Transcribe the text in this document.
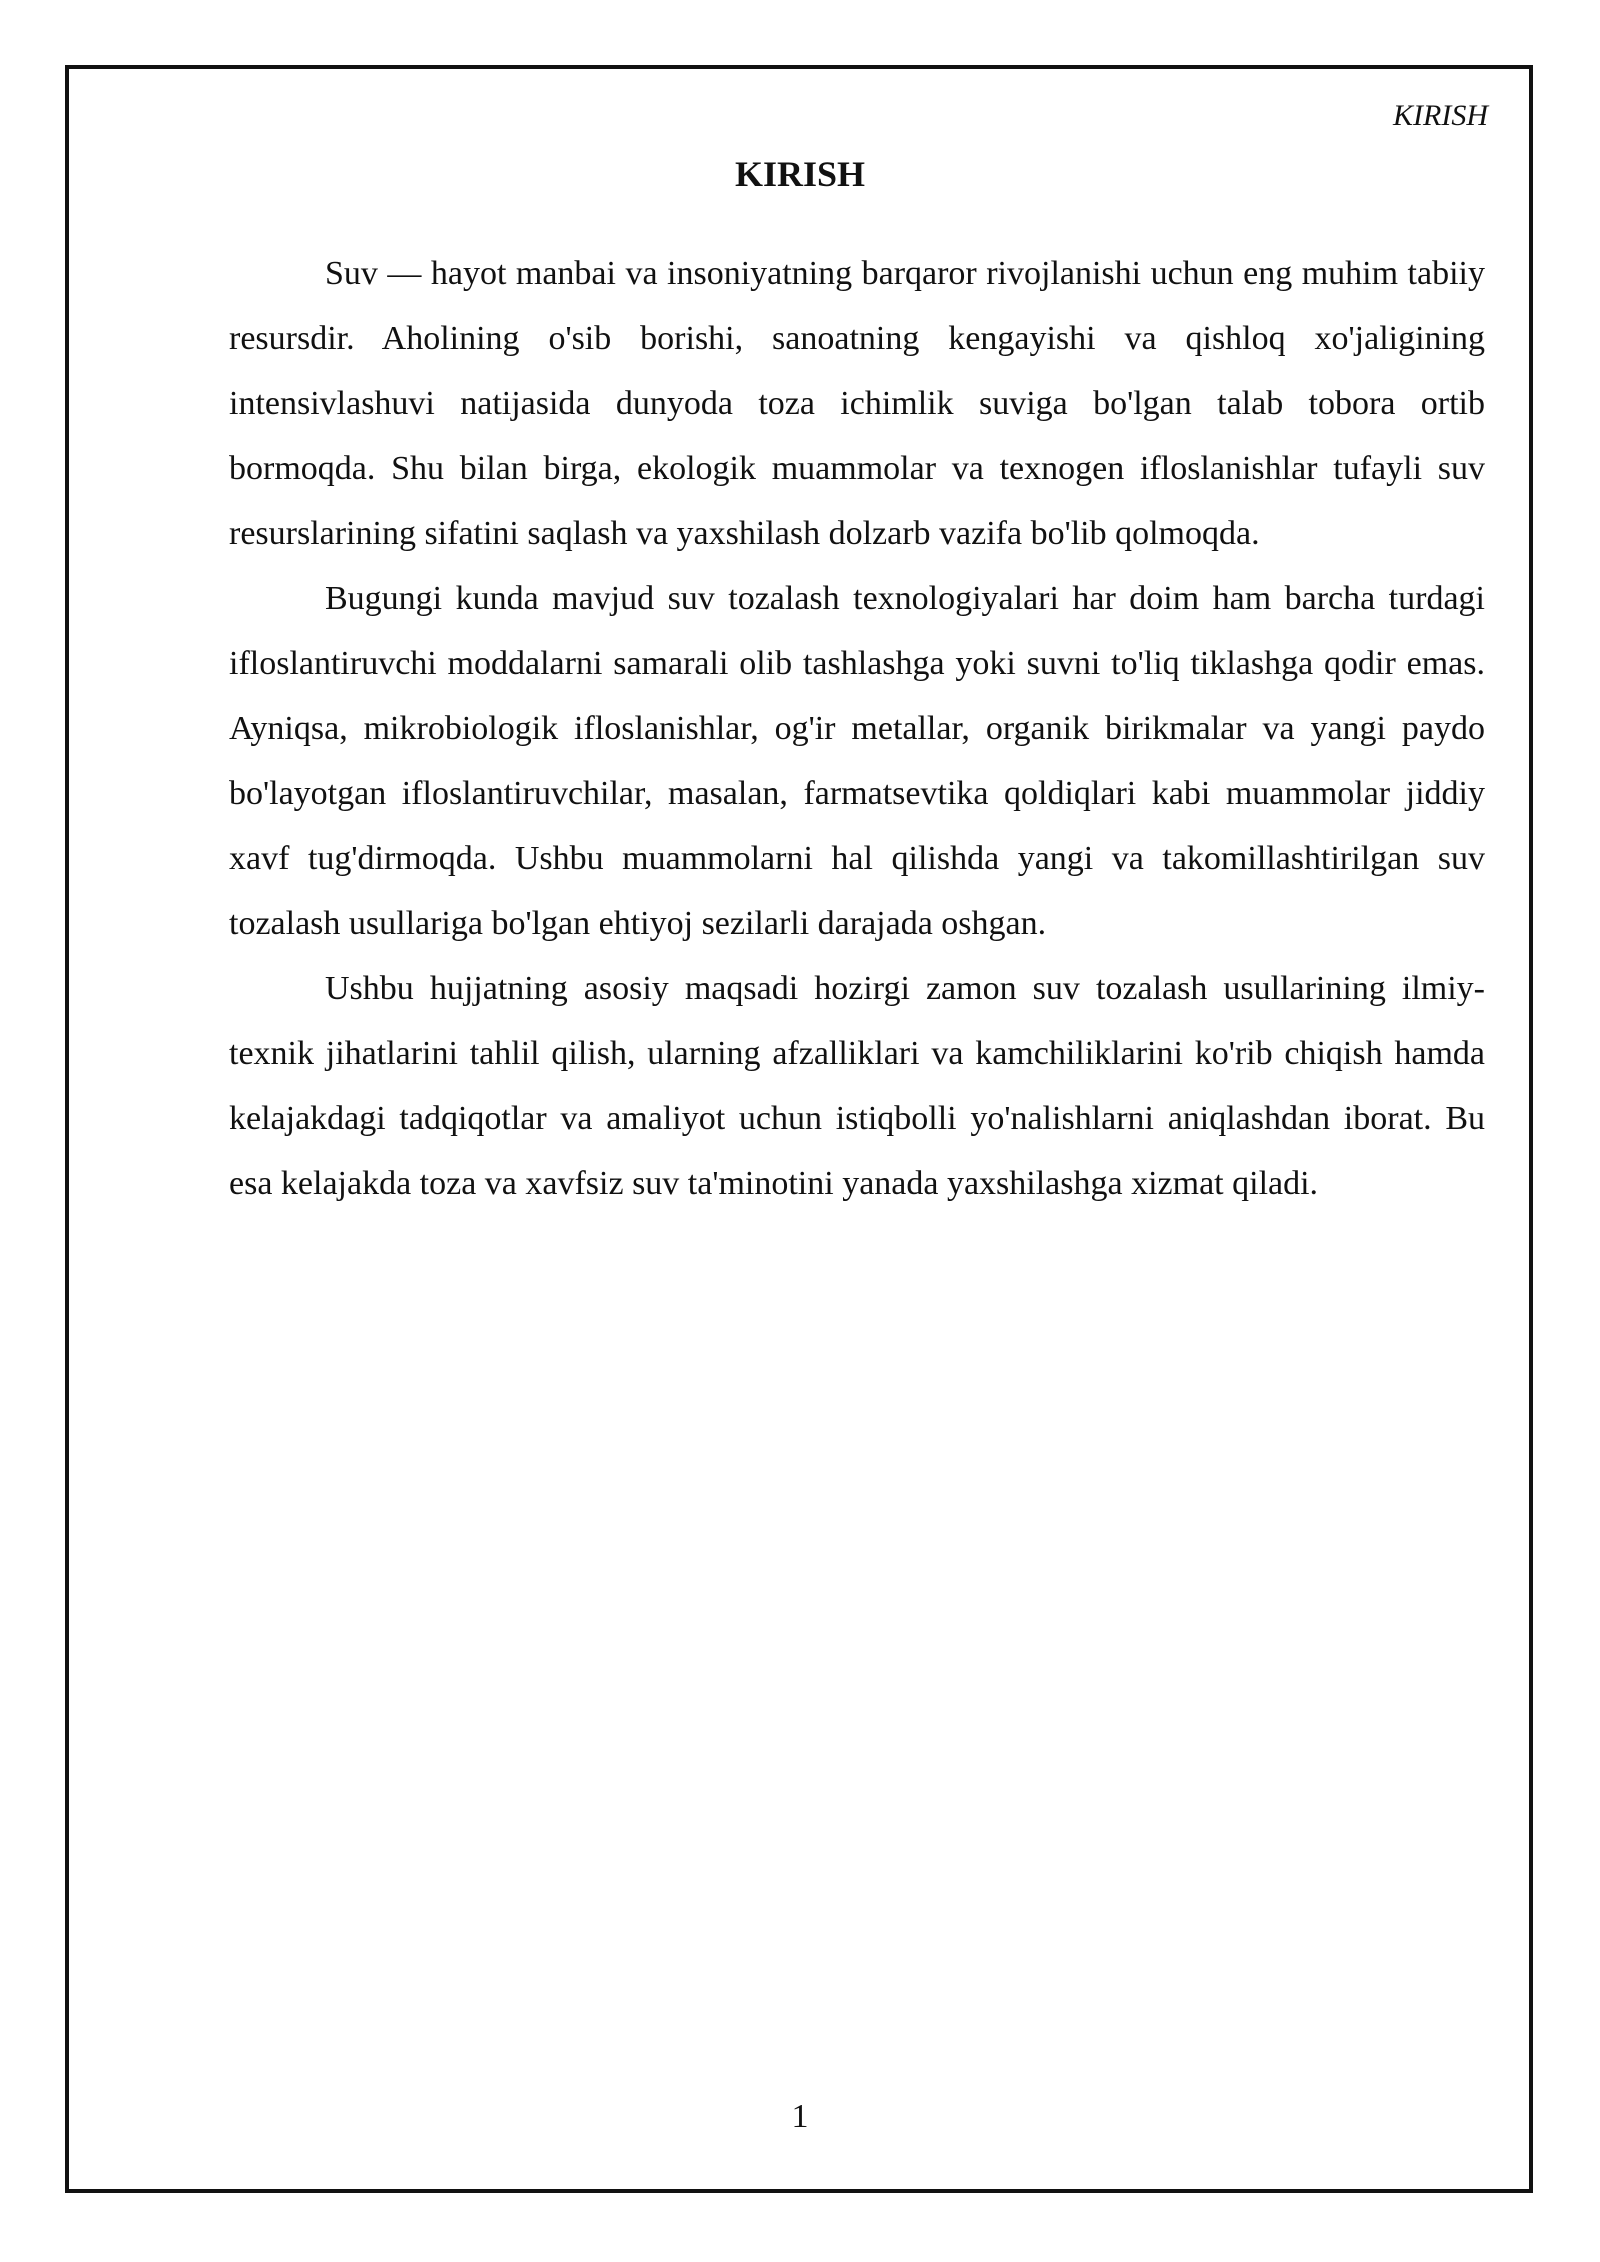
KIRISH
KIRISH

Suv — hayot manbai va insoniyatning barqaror rivojlanishi uchun eng muhim tabiiy resursdir. Aholining o'sib borishi, sanoatning kengayishi va qishloq xo'jaligining intensivlashuvi natijasida dunyoda toza ichimlik suviga bo'lgan talab tobora ortib bormoqda. Shu bilan birga, ekologik muammolar va texnogen ifloslanishlar tufayli suv resurslarining sifatini saqlash va yaxshilash dolzarb vazifa bo'lib qolmoqda.

Bugungi kunda mavjud suv tozalash texnologiyalari har doim ham barcha turdagi ifloslantiruvchi moddalarni samarali olib tashlashga yoki suvni to'liq tiklashga qodir emas. Ayniqsa, mikrobiologik ifloslanishlar, og'ir metallar, organik birikmalar va yangi paydo bo'layotgan ifloslantiruvchilar, masalan, farmatsevtika qoldiqlari kabi muammolar jiddiy xavf tug'dirmoqda. Ushbu muammolarni hal qilishda yangi va takomillashtirilgan suv tozalash usullariga bo'lgan ehtiyoj sezilarli darajada oshgan.

Ushbu hujjatning asosiy maqsadi hozirgi zamon suv tozalash usullarining ilmiy-texnik jihatlarini tahlil qilish, ularning afzalliklari va kamchiliklarini ko'rib chiqish hamda kelajakdagi tadqiqotlar va amaliyot uchun istiqbolli yo'nalishlarni aniqlashdan iborat. Bu esa kelajakda toza va xavfsiz suv ta'minotini yanada yaxshilashga xizmat qiladi.

1
